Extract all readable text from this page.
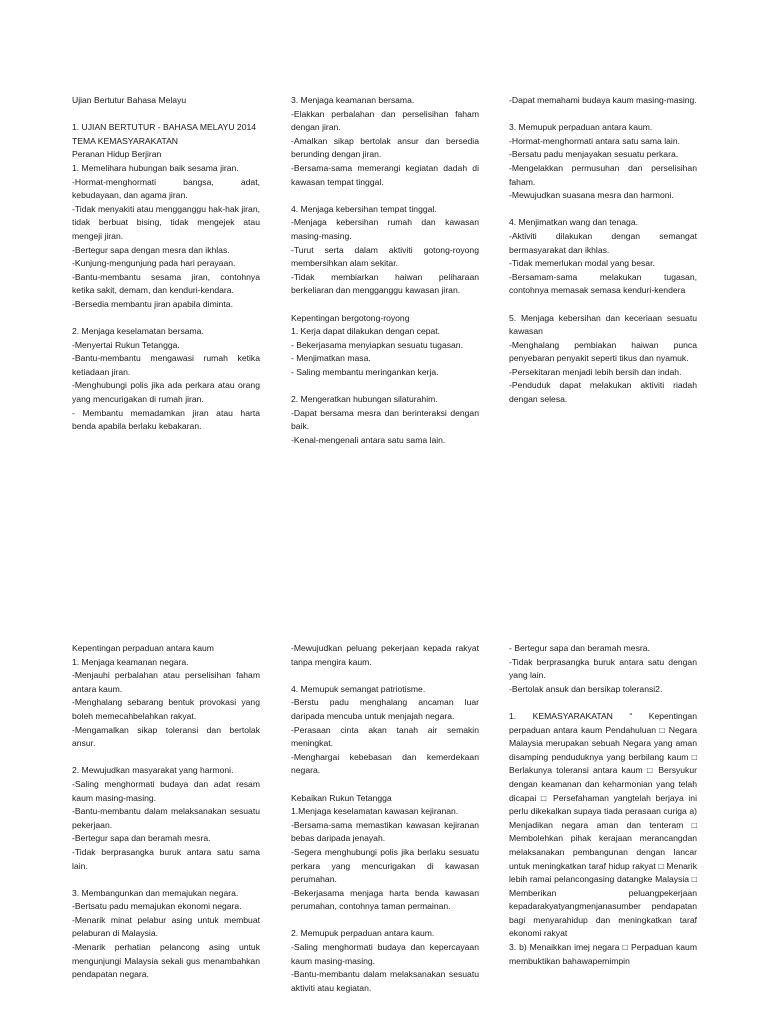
Ujian Bertutur Bahasa Melayu

1. UJIAN BERTUTUR - BAHASA MELAYU 2014

TEMA KEMASYARAKATAN

Peranan Hidup Berjiran

1. Memelihara hubungan baik sesama jiran.

-Hormat-menghormati bangsa, adat, kebudayaan, dan agama jiran.

-Tidak menyakiti atau mengganggu hak-hak jiran, tidak berbuat bising, tidak mengejek atau mengeji jiran.

-Bertegur sapa dengan mesra dan ikhlas.

-Kunjung-mengunjung pada hari perayaan.

-Bantu-membantu sesama jiran, contohnya ketika sakit, demam, dan kenduri-kendara.

-Bersedia membantu jiran apabila diminta.

2. Menjaga keselamatan bersama.

-Menyertai Rukun Tetangga.

-Bantu-membantu mengawasi rumah ketika ketiadaan jiran.

-Menghubungi polis jika ada perkara atau orang yang mencurigakan di rumah jiran.

- Membantu memadamkan jiran atau harta benda apabila berlaku kebakaran.

3. Menjaga keamanan bersama.

-Elakkan perbalahan dan perselisihan faham dengan jiran.

-Amalkan sikap bertolak ansur dan bersedia berunding dengan jiran.

-Bersama-sama memerangi kegiatan dadah di kawasan tempat tinggal.

4. Menjaga kebersihan tempat tinggal.

-Menjaga kebersihan rumah dan kawasan masing-masing.

-Turut serta dalam aktiviti gotong-royong membersihkan alam sekitar.

-Tidak membiarkan haiwan peliharaan berkeliaran dan mengganggu kawasan jiran.

Kepentingan bergotong-royong

1. Kerja dapat dilakukan dengan cepat.

- Bekerjasama menyiapkan sesuatu tugasan.

- Menjimatkan masa.

- Saling membantu meringankan kerja.

2. Mengeratkan hubungan silaturahim.

-Dapat bersama mesra dan berinteraksi dengan baik.

-Kenal-mengenali antara satu sama lain.

-Dapat memahami budaya kaum masing-masing.

3. Memupuk perpaduan antara kaum.

-Hormat-menghormati antara satu sama lain.

-Bersatu padu menjayakan sesuatu perkara.

-Mengelakkan permusuhan dan perselisihan faham.

-Mewujudkan suasana mesra dan harmoni.

4. Menjimatkan wang dan tenaga.

-Aktiviti dilakukan dengan semangat bermasyarakat dan ikhlas.

-Tidak memerlukan modal yang besar.

-Bersamam-sama melakukan tugasan, contohnya memasak semasa kenduri-kendera

5. Menjaga kebersihan dan keceriaan sesuatu kawasan

-Menghalang pembiakan haiwan punca penyebaran penyakit seperti tikus dan nyamuk.

-Persekitaran menjadi lebih bersih dan indah.

-Penduduk dapat melakukan aktiviti riadah dengan selesa.

Kepentingan perpaduan antara kaum

1. Menjaga keamanan negara.

-Menjauhi perbalahan atau perselisihan faham antara kaum.

-Menghalang sebarang bentuk provokasi yang boleh memecahbelahkan rakyat.

-Mengamalkan sikap toleransi dan bertolak ansur.

2. Mewujudkan masyarakat yang harmoni.

-Saling menghormati budaya dan adat resam kaum masing-masing.

-Bantu-membantu dalam melaksanakan sesuatu pekerjaan.

-Bertegur sapa dan beramah mesra.

-Tidak berprasangka buruk antara satu sama lain.

3. Membangunkan dan memajukan negara.

-Bertsatu padu memajukan ekonomi negara.

-Menarik minat pelabur asing untuk membuat pelaburan di Malaysia.

-Menarik perhatian pelancong asing untuk mengunjungi Malaysia sekali gus menambahkan pendapatan negara.

-Mewujudkan peluang pekerjaan kepada rakyat tanpa mengira kaum.

4. Memupuk semangat patriotisme.

-Berstu padu menghalang ancaman luar daripada mencuba untuk menjajah negara.

-Perasaan cinta akan tanah air semakin meningkat.

-Menghargai kebebasan dan kemerdekaan negara.

Kebaikan Rukun Tetangga

1.Menjaga keselamatan kawasan kejiranan.

-Bersama-sama memastikan kawasan kejiranan bebas daripada jenayah.

-Segera menghubungi polis jika berlaku sesuatu perkara yang mencurigakan di kawasan perumahan.

-Bekerjasama menjaga harta benda kawasan perumahan, contohnya taman permainan.

2. Memupuk perpaduan antara kaum.

-Saling menghormati budaya dan kepercayaan kaum masing-masing.

-Bantu-membantu dalam melaksanakan sesuatu aktiviti atau kegiatan.

- Bertegur sapa dan beramah mesra.

-Tidak berprasangka buruk antara satu dengan yang lain.

-Bertolak ansuk dan bersikap toleransi2.

1. KEMASYARAKATAN “ Kepentingan perpaduan antara kaum Pendahuluan □ Negara Malaysia merupakan sebuah Negara yang aman disamping penduduknya yang berbilang kaum □ Berlakunya toleransi antara kaum □ Bersyukur dengan keamanan dan keharmonian yang telah dicapai □ Persefahaman yangtelah berjaya ini perlu dikekalkan supaya tiada perasaan curiga a) Menjadikan negara aman dan tenteram □ Membolehkan pihak kerajaan merancangdan melaksanakan pembangunan dengan lancar untuk meningkatkan taraf hidup rakyat □ Menarik lebih ramai pelancongasing datangke Malaysia □ Memberikan peluangpekerjaan kepadarakyatyangmenjanasumber pendapatan bagi menyarahidup dan meningkatkan taraf ekonomi rakyat

3. b) Menaikkan imej negara □ Perpaduan kaum membuktikan bahawapemimpin
